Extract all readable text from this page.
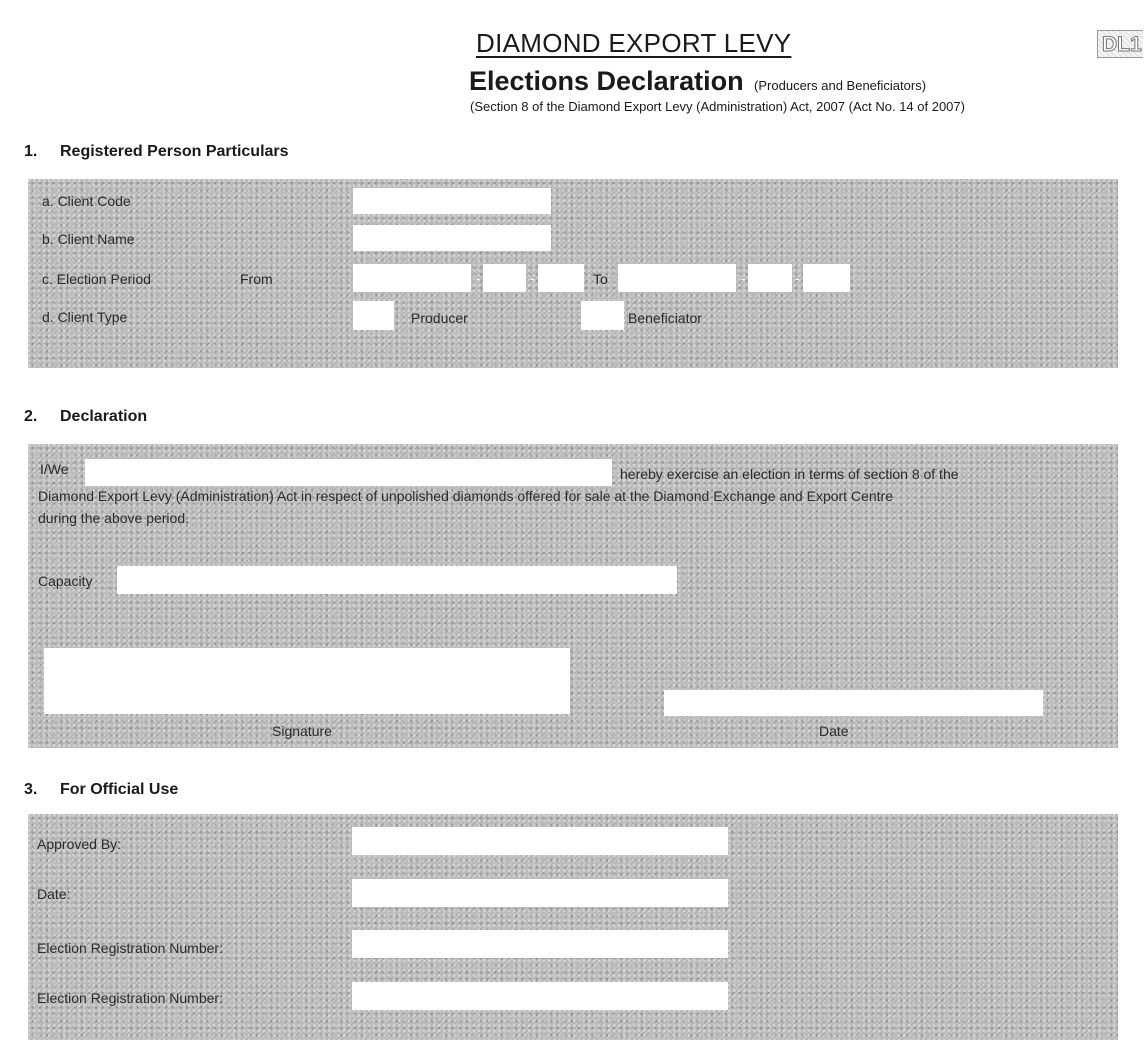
DIAMOND EXPORT LEVY	DL1
Elections Declaration (Producers and Beneficiators)
(Section 8 of the Diamond Export Levy (Administration) Act, 2007 (Act No. 14 of 2007)
1. Registered Person Particulars
a. Client Code
b. Client Name
c. Election Period	From	-	-	To	-	-
d. Client Type	Producer	Beneficiator
2. Declaration
I/We	hereby exercise an election in terms of section 8 of the
Diamond Export Levy (Administration) Act in respect of unpolished diamonds offered for sale at the Diamond Exchange and Export Centre
during the above period.
Capacity
Signature	Date
3. For Official Use
Approved By:
Date:
Election Registration Number:
Election Registration Number:
